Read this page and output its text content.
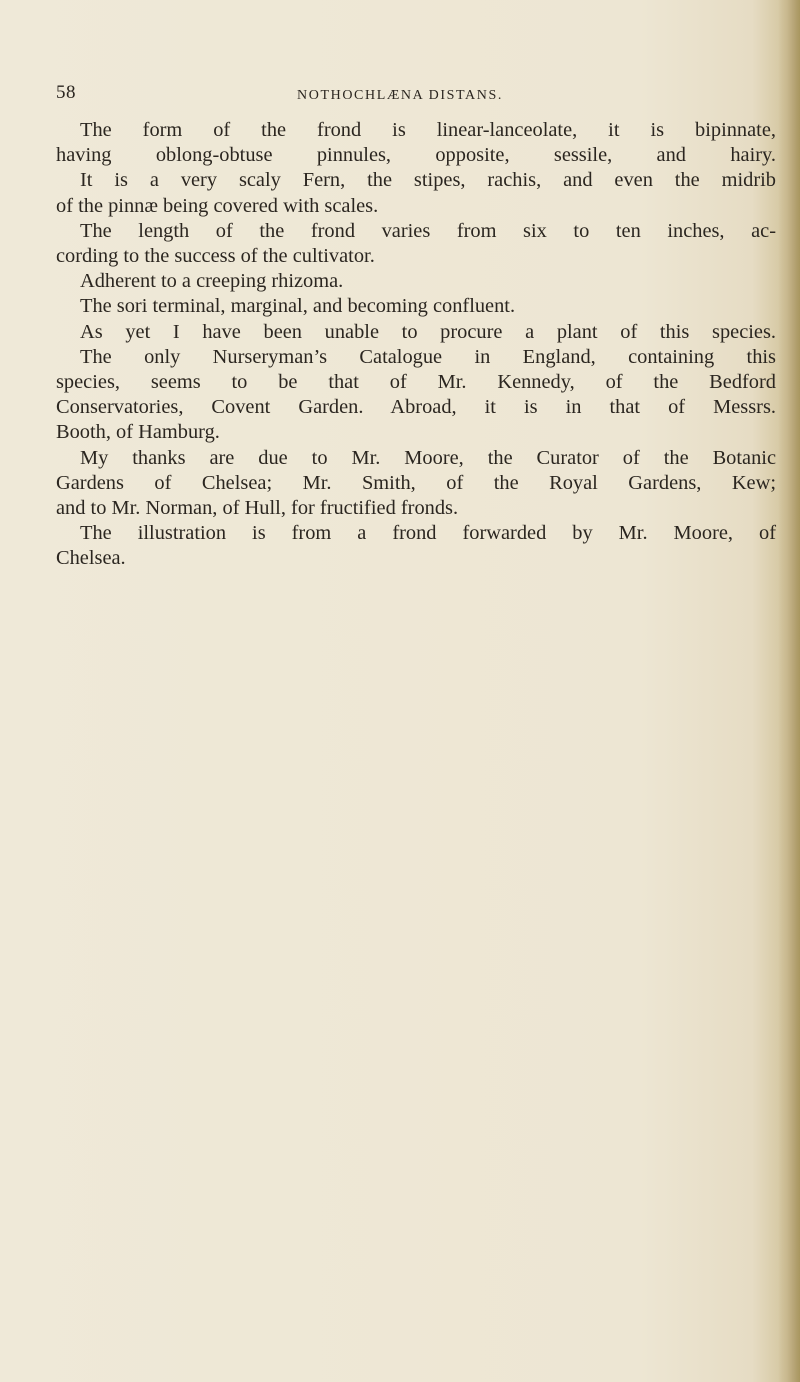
58	NOTHOCHLÆNA DISTANS.
The form of the frond is linear-lanceolate, it is bipinnate,
having oblong-obtuse pinnules, opposite, sessile, and hairy.
It is a very scaly Fern, the stipes, rachis, and even the midrib
of the pinnæ being covered with scales.
The length of the frond varies from six to ten inches, ac-
cording to the success of the cultivator.
Adherent to a creeping rhizoma.
The sori terminal, marginal, and becoming confluent.
As yet I have been unable to procure a plant of this species.
The only Nurseryman’s Catalogue in England, containing this
species, seems to be that of Mr. Kennedy, of the Bedford
Conservatories, Covent Garden. Abroad, it is in that of Messrs.
Booth, of Hamburg.
My thanks are due to Mr. Moore, the Curator of the Botanic
Gardens of Chelsea; Mr. Smith, of the Royal Gardens, Kew;
and to Mr. Norman, of Hull, for fructified fronds.
The illustration is from a frond forwarded by Mr. Moore, of
Chelsea.
